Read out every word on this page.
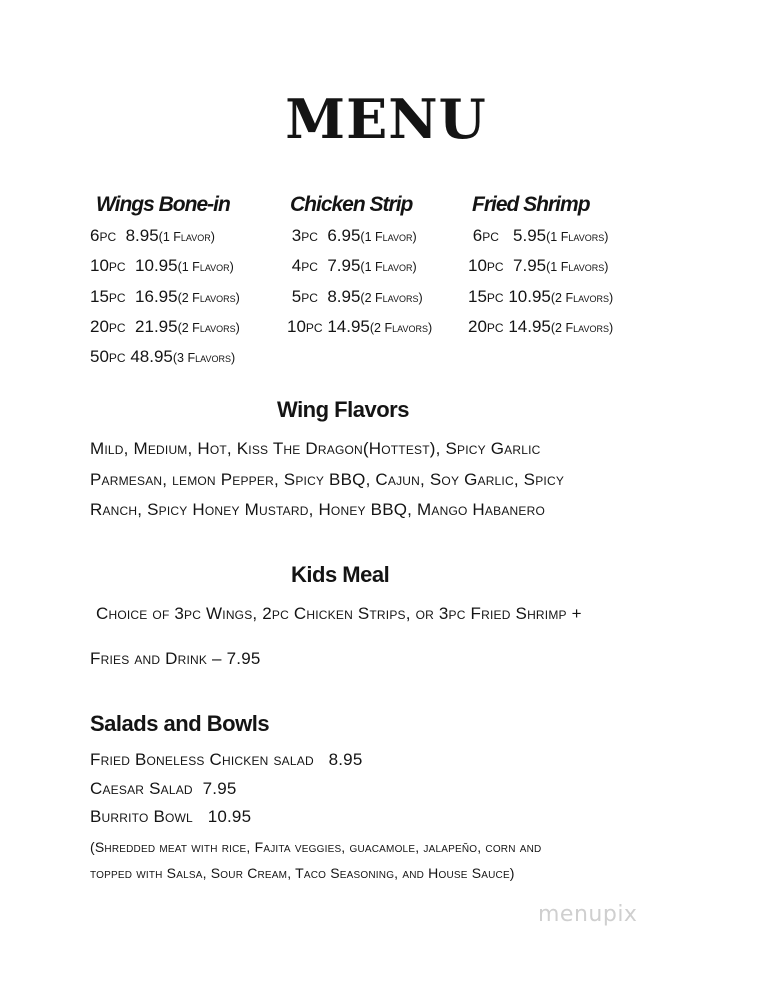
MENU
Wings Bone-in
6pc 8.95(1 Flavor)
10pc 10.95(1 Flavor)
15pc 16.95(2 Flavors)
20pc 21.95(2 Flavors)
50pc 48.95(3 Flavors)
Chicken Strip
3pc 6.95(1 Flavor)
4pc 7.95(1 Flavor)
5pc 8.95(2 Flavors)
10pc 14.95(2 Flavors)
Fried Shrimp
6pc 5.95(1 Flavors)
10pc 7.95(1 Flavors)
15pc 10.95(2 Flavors)
20pc 14.95(2 Flavors)
Wing Flavors
Mild, Medium, Hot, Kiss The Dragon(Hottest), Spicy Garlic
Parmesan, lemon Pepper, Spicy BBQ, Cajun, Soy Garlic, Spicy
Ranch, Spicy Honey Mustard, Honey BBQ, Mango Habanero
Kids Meal
Choice of 3pc Wings, 2pc Chicken Strips, or 3pc Fried Shrimp +
Fries and Drink – 7.95
Salads and Bowls
Fried Boneless Chicken salad 8.95
Caesar Salad 7.95
Burrito Bowl 10.95
(Shredded meat with rice, Fajita veggies, guacamole, jalapeño, corn and
topped with Salsa, Sour Cream, Taco Seasoning, and House Sauce)
menupix
